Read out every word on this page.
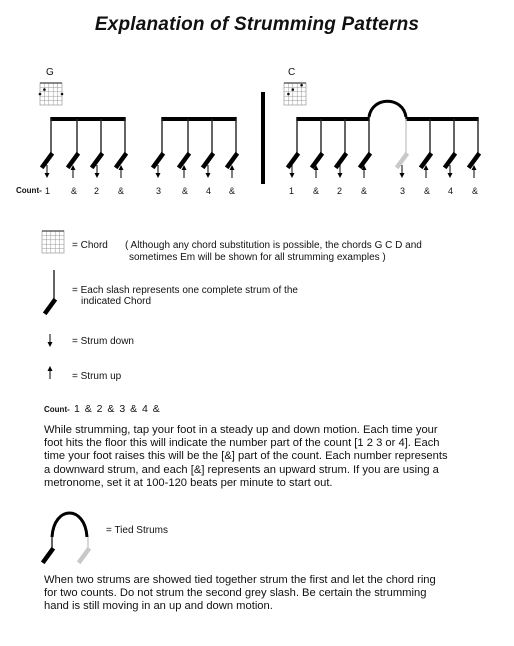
Explanation of Strumming Patterns
G	C
Count- 1 & 2 &	3 & 4 &	1 & 2 &	3 & 4 &
= Chord ( Although any chord substitution is possible, the chords G C D and
sometimes Em will be shown for all strumming examples )
= Each slash represents one complete strum of the
indicated Chord
= Strum down
= Strum up
Count- 1 & 2 & 3 & 4 &
While strumming, tap your foot in a steady up and down motion. Each time your
foot hits the floor this will indicate the number part of the count [1 2 3 or 4]. Each
time your foot raises this will be the [&] part of the count. Each number represents
a downward strum, and each [&] represents an upward strum. If you are using a
metronome, set it at 100-120 beats per minute to start out.
= Tied Strums
When two strums are showed tied together strum the first and let the chord ring
for two counts. Do not strum the second grey slash. Be certain the strumming
hand is still moving in an up and down motion.
